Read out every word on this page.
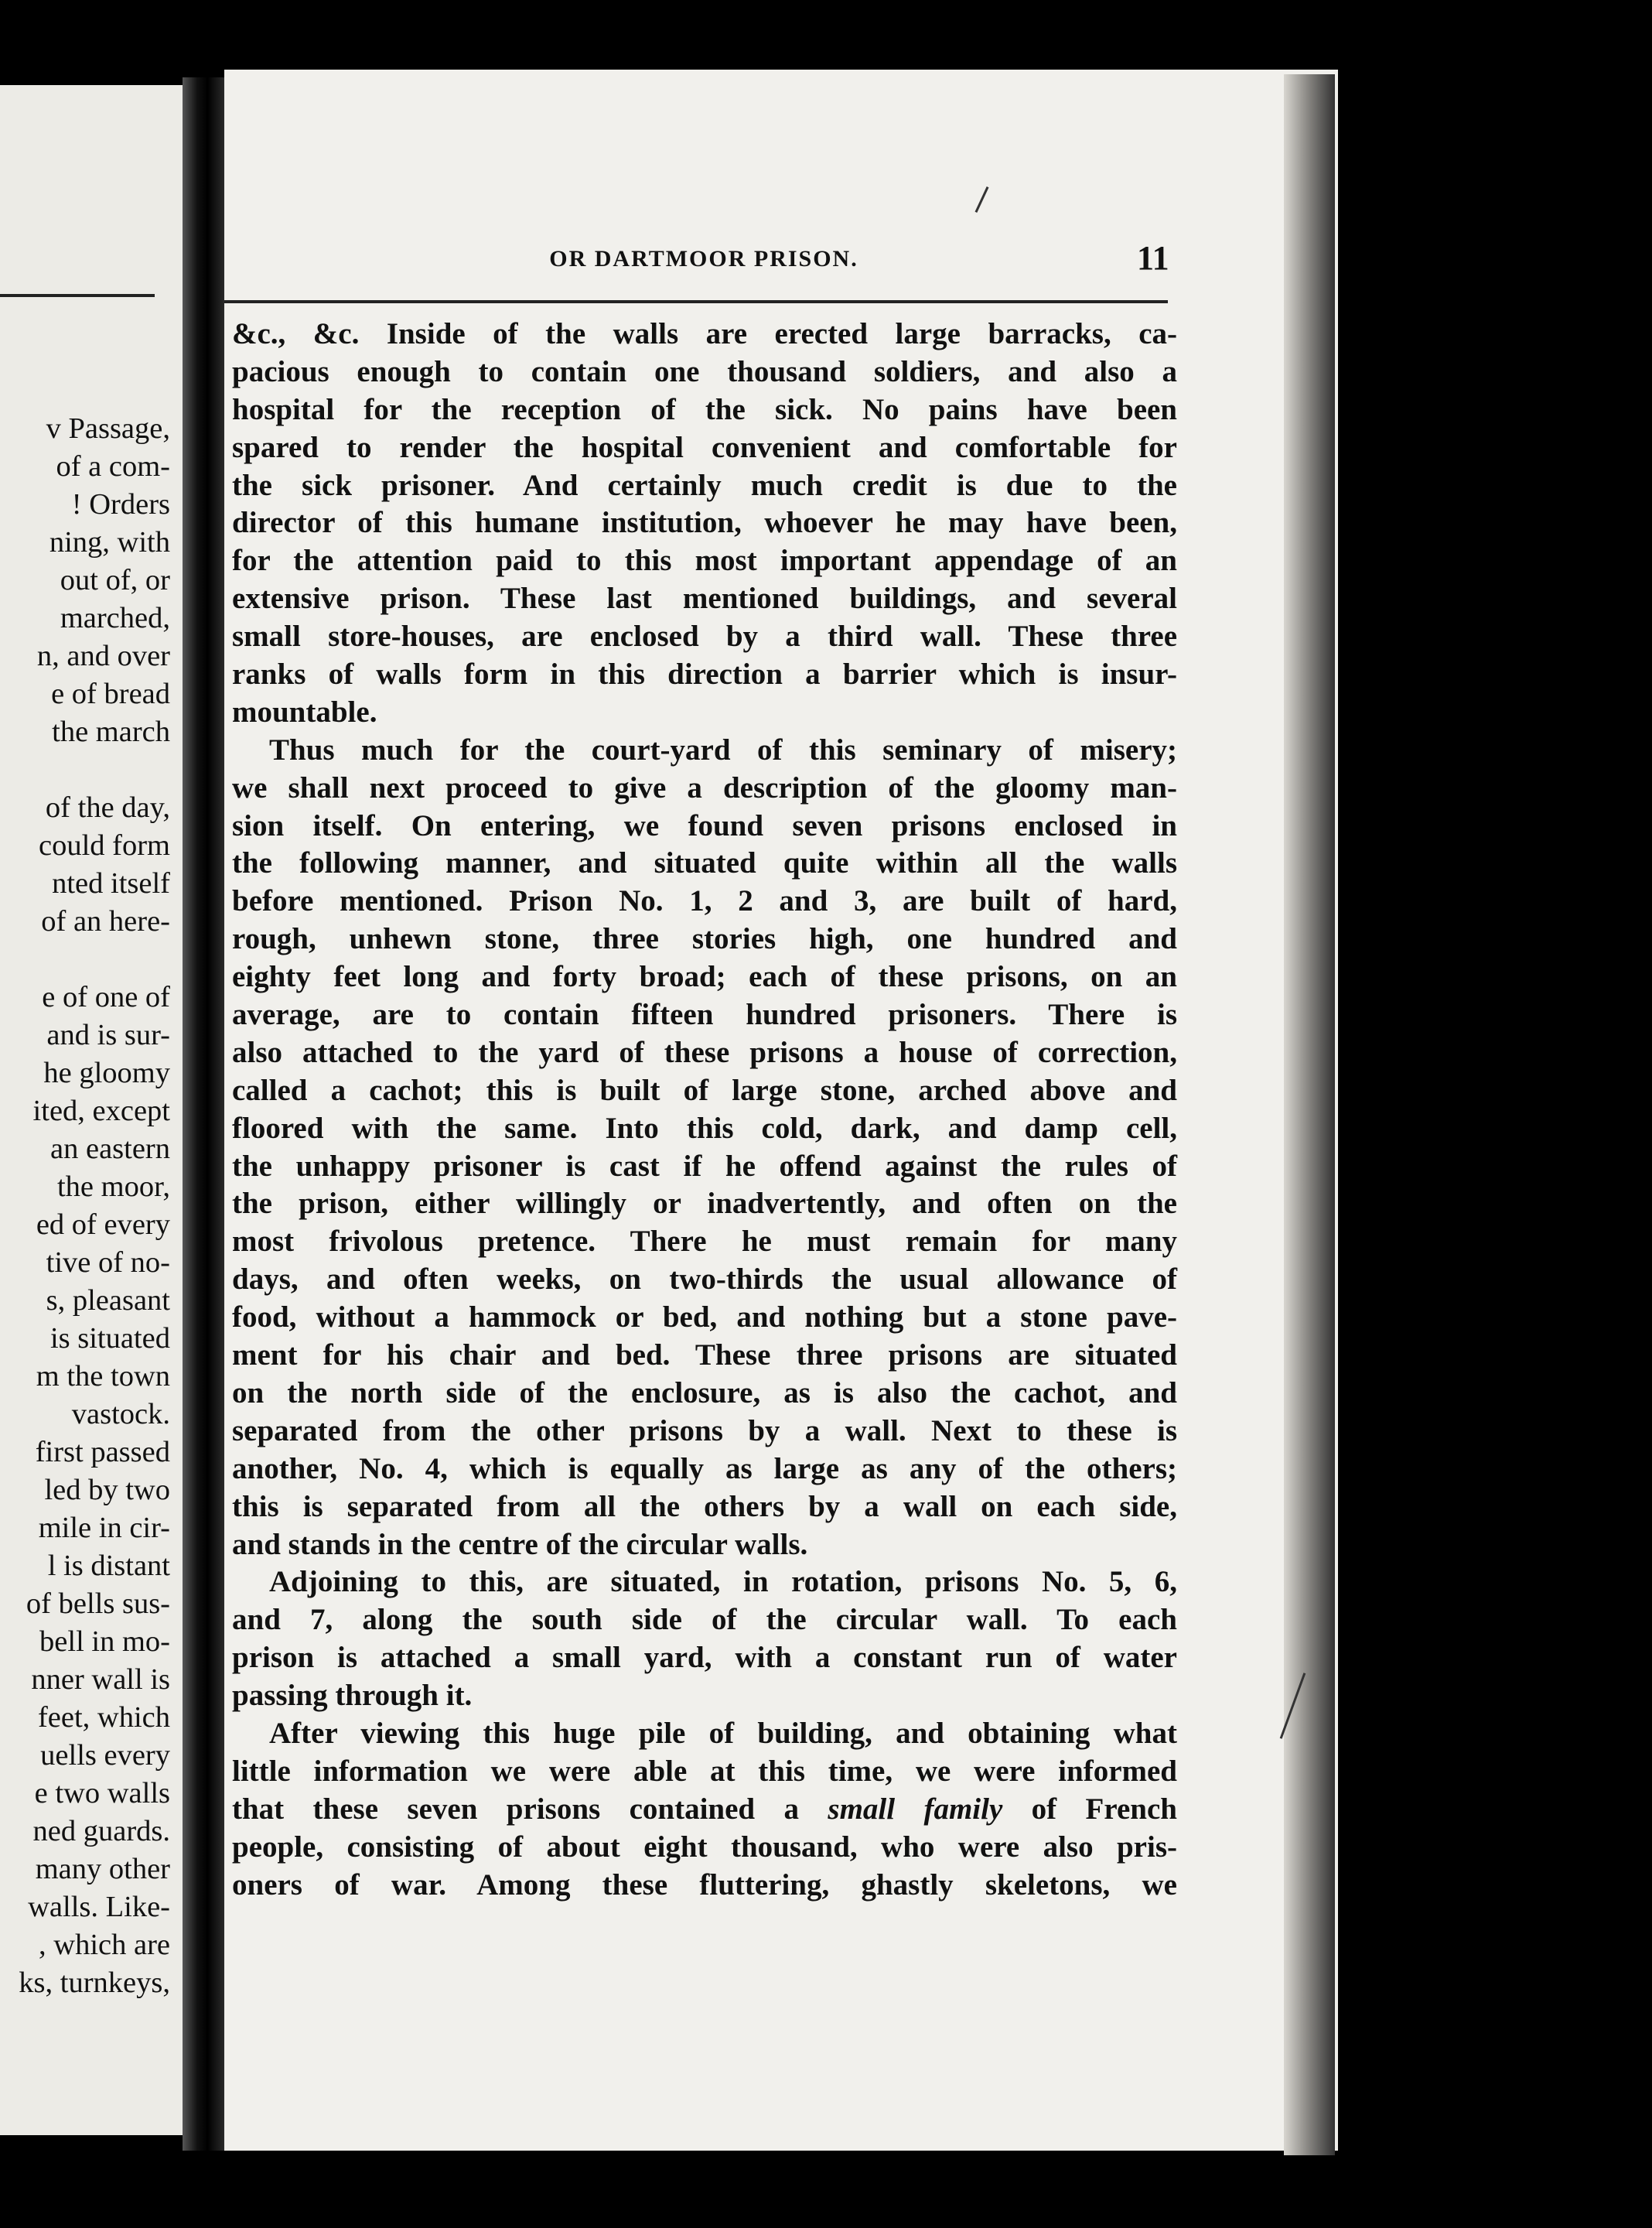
v Passage,
of a com-
! Orders
ning, with
out of, or
marched,
n, and over
e of bread
the march
of the day,
could form
nted itself
of an here-
e of one of
and is sur-
he gloomy
ited, except
an eastern
the moor,
ed of every
tive of no-
s, pleasant
is situated
m the town
vastock.
first passed
led by two
mile in cir-
l is distant
of bells sus-
bell in mo-
nner wall is
feet, which
uells every
e two walls
ned guards.
many other
walls. Like-
, which are
ks, turnkeys,
OR DARTMOOR PRISON.	11
&c., &c. Inside of the walls are erected large barracks, ca-
pacious enough to contain one thousand soldiers, and also a
hospital for the reception of the sick. No pains have been
spared to render the hospital convenient and comfortable for
the sick prisoner. And certainly much credit is due to the
director of this humane institution, whoever he may have been,
for the attention paid to this most important appendage of an
extensive prison. These last mentioned buildings, and several
small store-houses, are enclosed by a third wall. These three
ranks of walls form in this direction a barrier which is insur-
mountable.
Thus much for the court-yard of this seminary of misery;
we shall next proceed to give a description of the gloomy man-
sion itself. On entering, we found seven prisons enclosed in
the following manner, and situated quite within all the walls
before mentioned. Prison No. 1, 2 and 3, are built of hard,
rough, unhewn stone, three stories high, one hundred and
eighty feet long and forty broad; each of these prisons, on an
average, are to contain fifteen hundred prisoners. There is
also attached to the yard of these prisons a house of correction,
called a cachot; this is built of large stone, arched above and
floored with the same. Into this cold, dark, and damp cell,
the unhappy prisoner is cast if he offend against the rules of
the prison, either willingly or inadvertently, and often on the
most frivolous pretence. There he must remain for many
days, and often weeks, on two-thirds the usual allowance of
food, without a hammock or bed, and nothing but a stone pave-
ment for his chair and bed. These three prisons are situated
on the north side of the enclosure, as is also the cachot, and
separated from the other prisons by a wall. Next to these is
another, No. 4, which is equally as large as any of the others;
this is separated from all the others by a wall on each side,
and stands in the centre of the circular walls.
Adjoining to this, are situated, in rotation, prisons No. 5, 6,
and 7, along the south side of the circular wall. To each
prison is attached a small yard, with a constant run of water
passing through it.
After viewing this huge pile of building, and obtaining what
little information we were able at this time, we were informed
that these seven prisons contained a small family of French
people, consisting of about eight thousand, who were also pris-
oners of war. Among these fluttering, ghastly skeletons, we
